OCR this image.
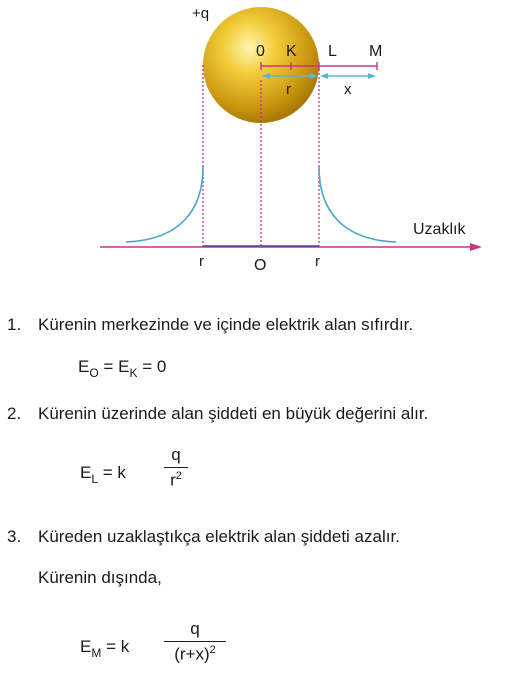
+q
0 K L M
r	x
Uzaklık
r	O	r
1. Kürenin merkezinde ve içinde elektrik alan sıfırdır.
$E_O = E_K = 0$
2. Kürenin üzerinde alan şiddeti en büyük değerini alır.
$E_L = k$
q
$r^2$
3. Küreden uzaklaştıkça elektrik alan şiddeti azalır.
Kürenin dışında,
$E_M = k$
q
$(r+x)^2$
